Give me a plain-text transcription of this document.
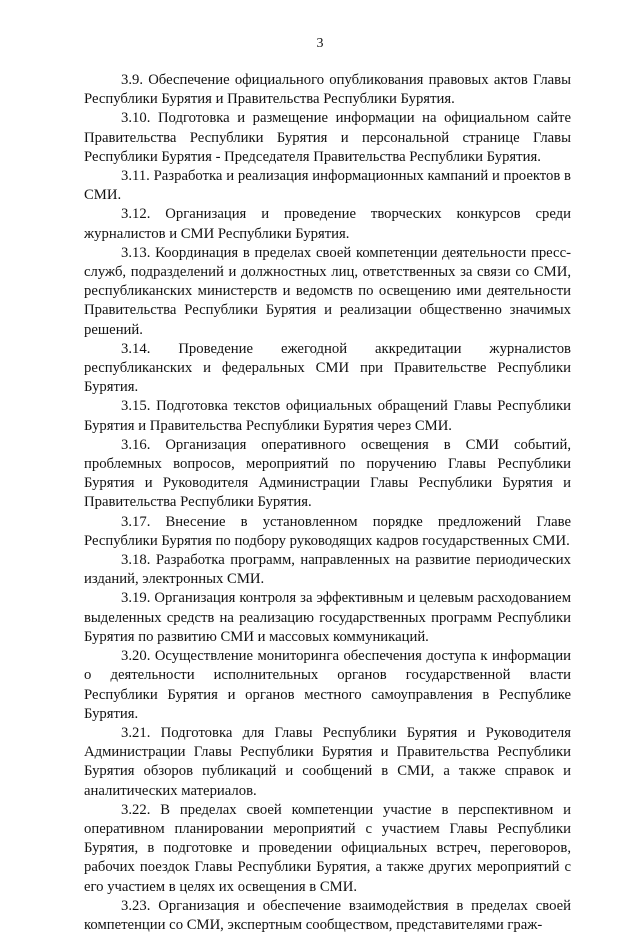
3

3.9. Обеспечение официального опубликования правовых актов Главы Республики Бурятия и Правительства Республики Бурятия.

3.10. Подготовка и размещение информации на официальном сайте Правительства Республики Бурятия и персональной странице Главы Республики Бурятия - Председателя Правительства Республики Бурятия.

3.11. Разработка и реализация информационных кампаний и проектов в СМИ.

3.12. Организация и проведение творческих конкурсов среди журналистов и СМИ Республики Бурятия.

3.13. Координация в пределах своей компетенции деятельности пресс-служб, подразделений и должностных лиц, ответственных за связи со СМИ, республиканских министерств и ведомств по освещению ими деятельности Правительства Республики Бурятия и реализации общественно значимых решений.

3.14. Проведение ежегодной аккредитации журналистов республиканских и федеральных СМИ при Правительстве Республики Бурятия.

3.15. Подготовка текстов официальных обращений Главы Республики Бурятия и Правительства Республики Бурятия через СМИ.

3.16. Организация оперативного освещения в СМИ событий, проблемных вопросов, мероприятий по поручению Главы Республики Бурятия и Руководителя Администрации Главы Республики Бурятия и Правительства Республики Бурятия.

3.17. Внесение в установленном порядке предложений Главе Республики Бурятия по подбору руководящих кадров государственных СМИ.

3.18. Разработка программ, направленных на развитие периодических изданий, электронных СМИ.

3.19. Организация контроля за эффективным и целевым расходованием выделенных средств на реализацию государственных программ Республики Бурятия по развитию СМИ и массовых коммуникаций.

3.20. Осуществление мониторинга обеспечения доступа к информации о деятельности исполнительных органов государственной власти Республики Бурятия и органов местного самоуправления в Республике Бурятия.

3.21. Подготовка для Главы Республики Бурятия и Руководителя Администрации Главы Республики Бурятия и Правительства Республики Бурятия обзоров публикаций и сообщений в СМИ, а также справок и аналитических материалов.

3.22. В пределах своей компетенции участие в перспективном и оперативном планировании мероприятий с участием Главы Республики Бурятия, в подготовке и проведении официальных встреч, переговоров, рабочих поездок Главы Республики Бурятия, а также других мероприятий с его участием в целях их освещения в СМИ.

3.23. Организация и обеспечение взаимодействия в пределах своей компетенции со СМИ, экспертным сообществом, представителями граж-
